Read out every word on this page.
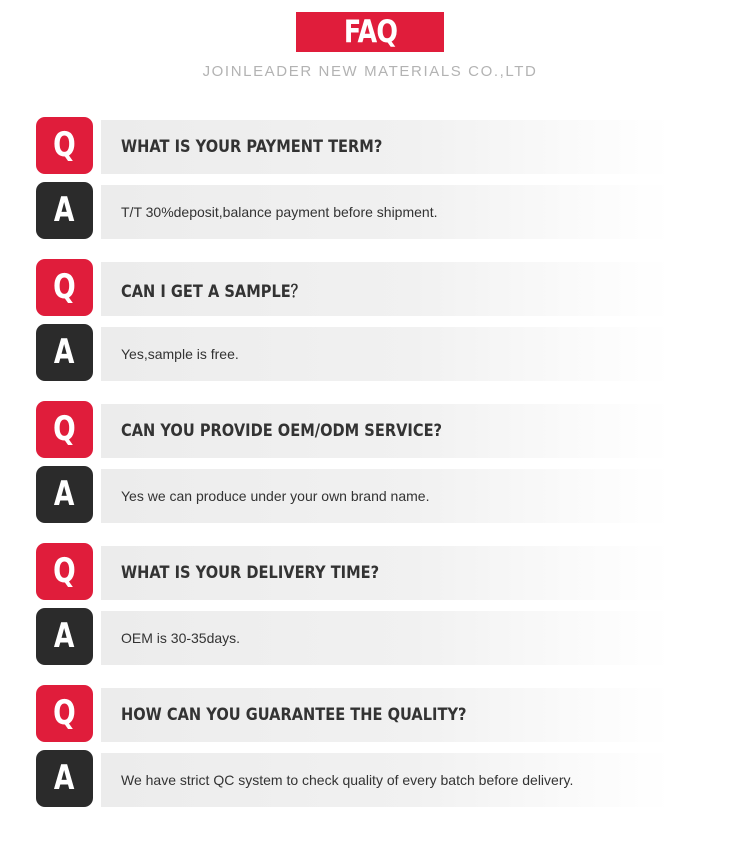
FAQ
JOINLEADER NEW MATERIALS CO.,LTD
Q	WHAT IS YOUR PAYMENT TERM?
A	T/T 30%deposit,balance payment before shipment.
Q	CAN I GET A SAMPLE？
A	Yes,sample is free.
Q	CAN YOU PROVIDE OEM/ODM SERVICE?
A	Yes we can produce under your own brand name.
Q	WHAT IS YOUR DELIVERY TIME?
A	OEM is 30-35days.
Q	HOW CAN YOU GUARANTEE THE QUALITY?
A	We have strict QC system to check quality of every batch before delivery.
